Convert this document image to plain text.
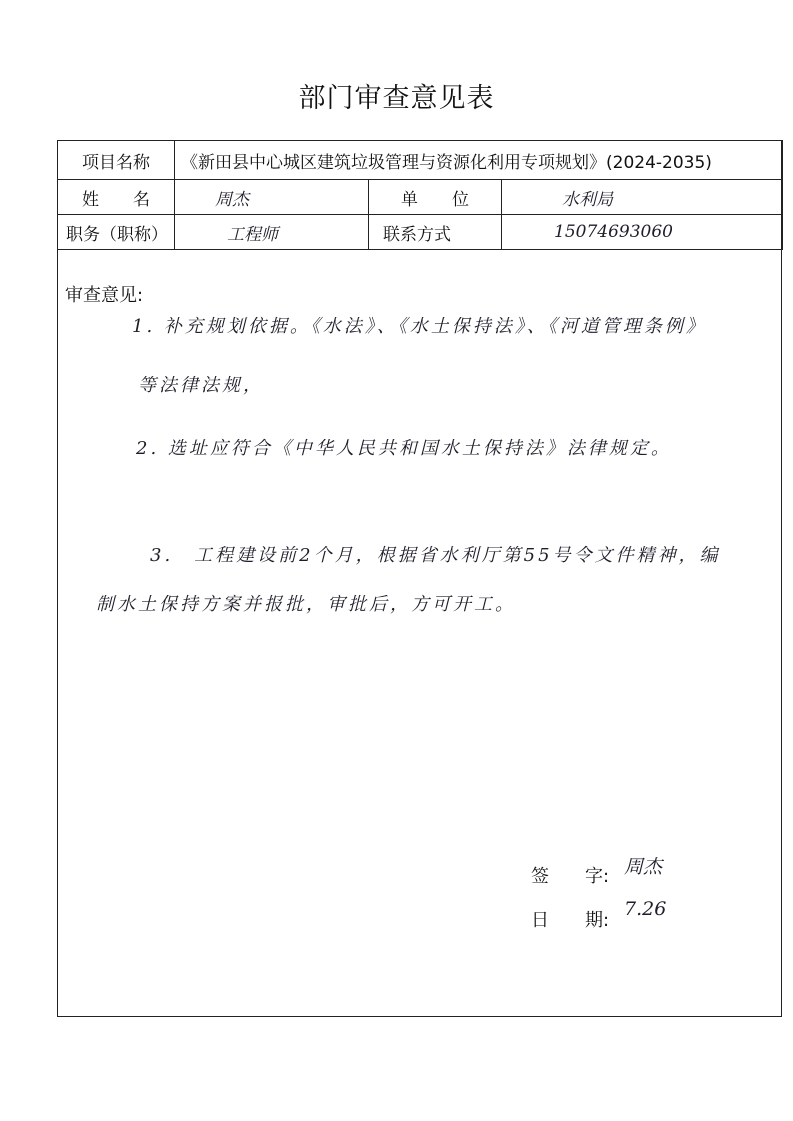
部门审查意见表
项目名称	《新田县中心城区建筑垃圾管理与资源化利用专项规划》(2024-2035)		
姓　　名	周杰	单　　位	水利局
职务（职称）	工程师	联系方式	15074693060
审查意见:
1. 补充规划依据。《水法》、《水土保持法》、《河道管理条例》
等法律法规，
2. 选址应符合《中华人民共和国水土保持法》法律规定。
3.　工程建设前2个月，根据省水利厅第55号令文件精神，编
制水土保持方案并报批，审批后，方可开工。
签　　字: 周杰
日　　期:
7.26
